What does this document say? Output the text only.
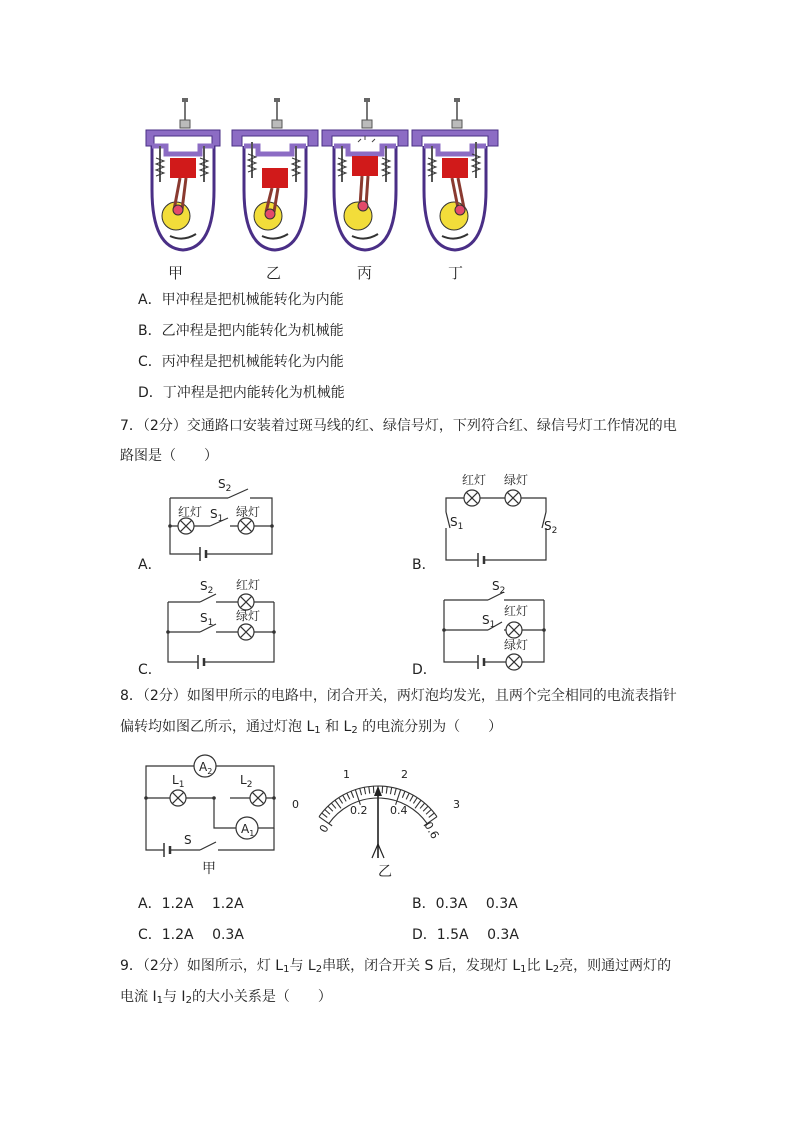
甲	乙	丙	丁
A．甲冲程是把机械能转化为内能
B．乙冲程是把内能转化为机械能
C．丙冲程是把机械能转化为内能
D．丁冲程是把内能转化为机械能
7．（2分）交通路口安装着过斑马线的红、绿信号灯，下列符合红、绿信号灯工作情况的电
路图是（　　）
$S_2$
红灯 $S_1$ 绿灯
A．
红灯 绿灯
$S_1$	$S_2$
B．
$S_2$ 红灯
$S_1$ 绿灯
C．
$S_2$
红灯
$S_1$
绿灯
D．
8．（2分）如图甲所示的电路中，闭合开关，两灯泡均发光，且两个完全相同的电流表指针
偏转均如图乙所示，通过灯泡 $L_1$ 和 $L_2$ 的电流分别为（　　）
$A_2$
$A_1$
$L_1$	$L_2$
S
甲
0
1	2
3
0
0.2 0.4
0.6
乙
A．1.2A　 1.2A	B．0.3A　 0.3A
C．1.2A　 0.3A	D．1.5A　 0.3A
9．（2分）如图所示，灯 $L_1$与 $L_2$串联，闭合开关 S 后，发现灯 $L_1$比 $L_2$亮，则通过两灯的
电流 $I_1$与 $I_2$的大小关系是（　　）
